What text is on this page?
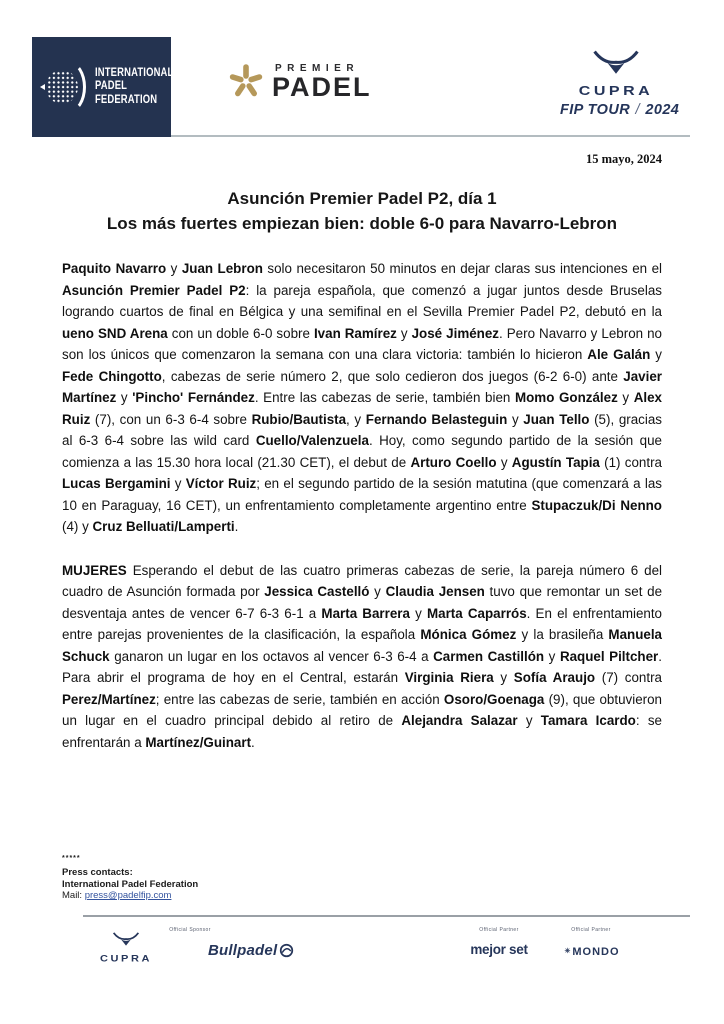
INTERNATIONAL
PADEL
FEDERATION
PREMIER
PADEL	CUPRA
FIP TOUR / 2024
15 mayo, 2024
Asunción Premier Padel P2, día 1
Los más fuertes empiezan bien: doble 6-0 para Navarro-Lebron

Paquito Navarro y Juan Lebron solo necesitaron 50 minutos en dejar claras sus intenciones en el Asunción Premier Padel P2: la pareja española, que comenzó a jugar juntos desde Bruselas logrando cuartos de final en Bélgica y una semifinal en el Sevilla Premier Padel P2, debutó en la ueno SND Arena con un doble 6-0 sobre Ivan Ramírez y José Jiménez. Pero Navarro y Lebron no son los únicos que comenzaron la semana con una clara victoria: también lo hicieron Ale Galán y Fede Chingotto, cabezas de serie número 2, que solo cedieron dos juegos (6-2 6-0) ante Javier Martínez y 'Pincho' Fernández. Entre las cabezas de serie, también bien Momo González y Alex Ruiz (7), con un 6-3 6-4 sobre Rubio/Bautista, y Fernando Belasteguin y Juan Tello (5), gracias al 6-3 6-4 sobre las wild card Cuello/Valenzuela. Hoy, como segundo partido de la sesión que comienza a las 15.30 hora local (21.30 CET), el debut de Arturo Coello y Agustín Tapia (1) contra Lucas Bergamini y Víctor Ruiz; en el segundo partido de la sesión matutina (que comenzará a las 10 en Paraguay, 16 CET), un enfrentamiento completamente argentino entre Stupaczuk/Di Nenno (4) y Cruz Belluati/Lamperti.

MUJERES Esperando el debut de las cuatro primeras cabezas de serie, la pareja número 6 del cuadro de Asunción formada por Jessica Castelló y Claudia Jensen tuvo que remontar un set de desventaja antes de vencer 6-7 6-3 6-1 a Marta Barrera y Marta Caparrós. En el enfrentamiento entre parejas provenientes de la clasificación, la española Mónica Gómez y la brasileña Manuela Schuck ganaron un lugar en los octavos al vencer 6-3 6-4 a Carmen Castillón y Raquel Piltcher. Para abrir el programa de hoy en el Central, estarán Virginia Riera y Sofía Araujo (7) contra Perez/Martínez; entre las cabezas de serie, también en acción Osoro/Goenaga (9), que obtuvieron un lugar en el cuadro principal debido al retiro de Alejandra Salazar y Tamara Icardo: se enfrentarán a Martínez/Guinart.

*****
Press contacts:
International Padel Federation
Mail: press@padelfip.com
Official Sponsor	Official Partner	Official Partner
CUPRA	Bullpadel	mejor set	✳MONDO
